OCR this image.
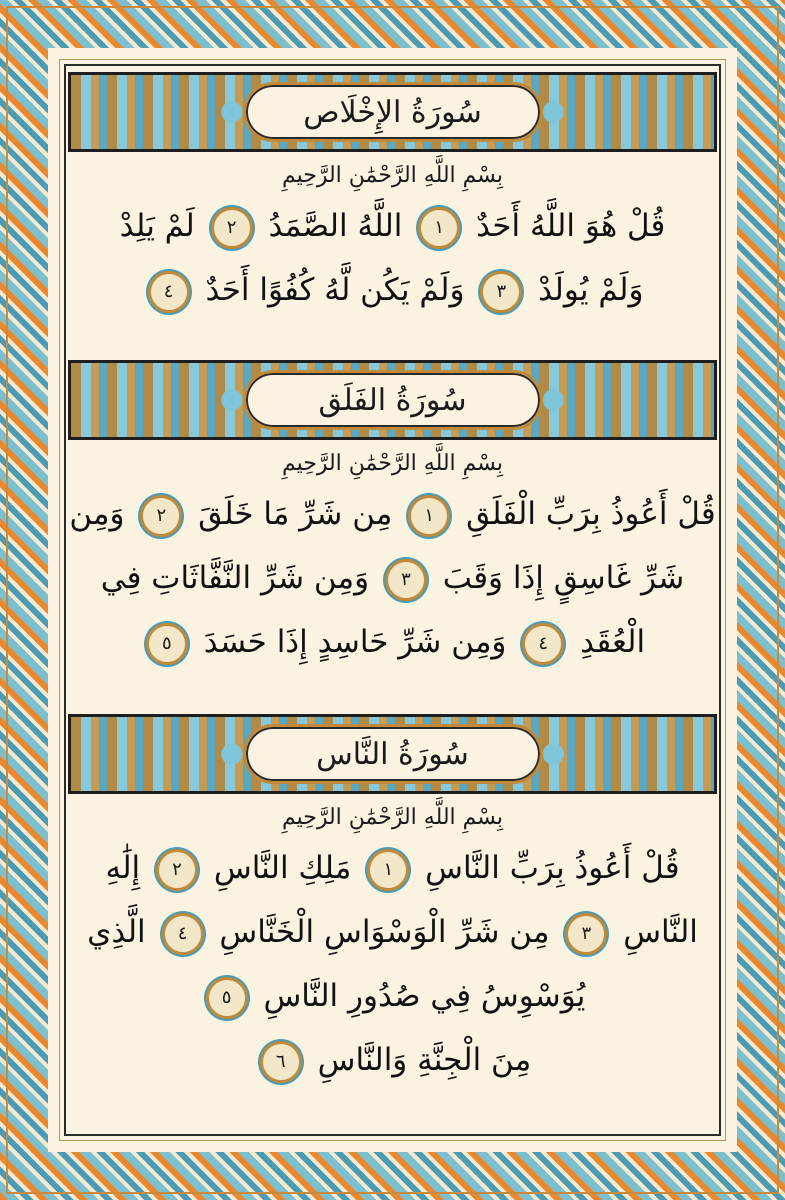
سُورَةُ الإِخْلَاص
بِسْمِ اللَّهِ الرَّحْمَٰنِ الرَّحِيمِ
قُلْ هُوَ اللَّهُ أَحَدٌ ١ اللَّهُ الصَّمَدُ ٢ لَمْ يَلِدْ
وَلَمْ يُولَدْ ٣ وَلَمْ يَكُن لَّهُ كُفُوًا أَحَدٌ ٤
سُورَةُ الفَلَق
بِسْمِ اللَّهِ الرَّحْمَٰنِ الرَّحِيمِ
قُلْ أَعُوذُ بِرَبِّ الْفَلَقِ ١ مِن شَرِّ مَا خَلَقَ ٢ وَمِن
شَرِّ غَاسِقٍ إِذَا وَقَبَ ٣ وَمِن شَرِّ النَّفَّاثَاتِ فِي
الْعُقَدِ ٤ وَمِن شَرِّ حَاسِدٍ إِذَا حَسَدَ ٥
سُورَةُ النَّاس
بِسْمِ اللَّهِ الرَّحْمَٰنِ الرَّحِيمِ
قُلْ أَعُوذُ بِرَبِّ النَّاسِ ١ مَلِكِ النَّاسِ ٢ إِلَٰهِ
النَّاسِ ٣ مِن شَرِّ الْوَسْوَاسِ الْخَنَّاسِ ٤ الَّذِي
يُوَسْوِسُ فِي صُدُورِ النَّاسِ ٥
مِنَ الْجِنَّةِ وَالنَّاسِ ٦
